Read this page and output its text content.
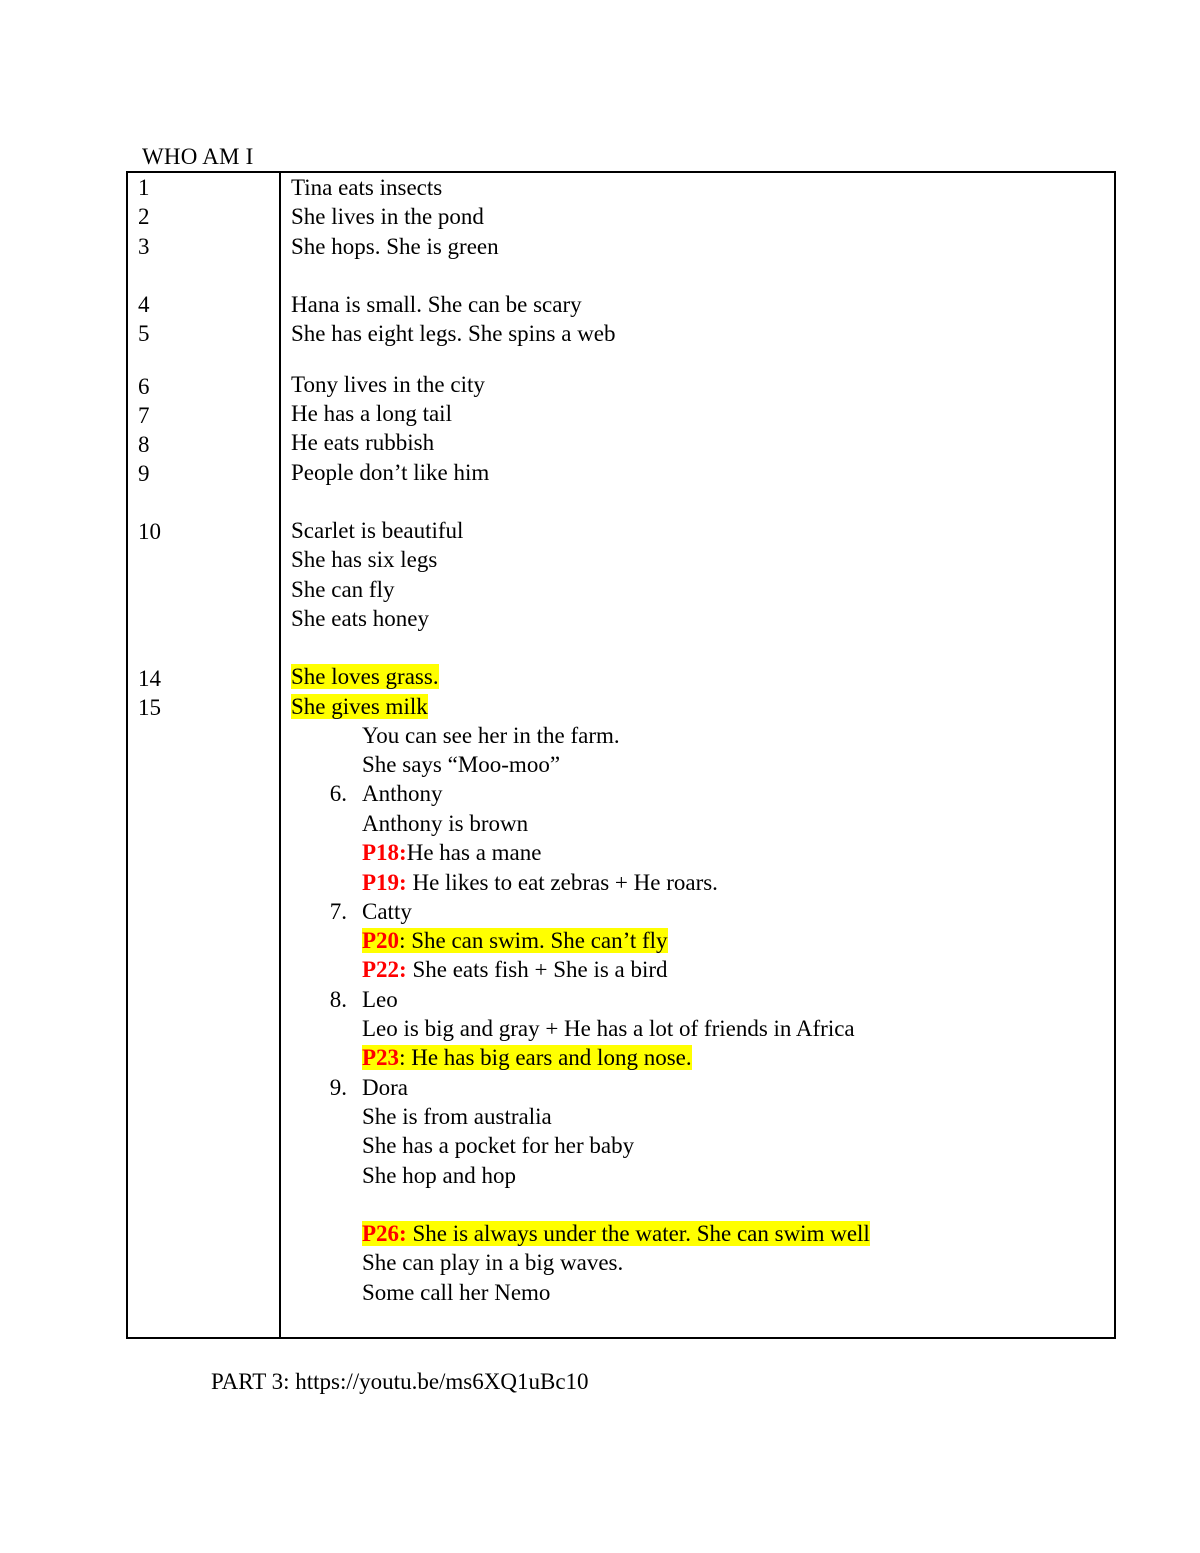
WHO AM I
1
2
3
4
5
6
7
8
9
10
14
15
Tina eats insects
She lives in the pond
She hops. She is green
Hana is small. She can be scary
She has eight legs. She spins a web
Tony lives in the city
He has a long tail
He eats rubbish
People don’t like him
Scarlet is beautiful
She has six legs
She can fly
She eats honey
She loves grass.
She gives milk
You can see her in the farm.
She says “Moo-moo”
6. Anthony
Anthony is brown
P18:He has a mane
P19: He likes to eat zebras + He roars.
7. Catty
P20: She can swim. She can’t fly
P22: She eats fish + She is a bird
8. Leo
Leo is big and gray + He has a lot of friends in Africa
P23: He has big ears and long nose.
9. Dora
She is from australia
She has a pocket for her baby
She hop and hop
P26: She is always under the water. She can swim well
She can play in a big waves.
Some call her Nemo
PART 3: https://youtu.be/ms6XQ1uBc10
